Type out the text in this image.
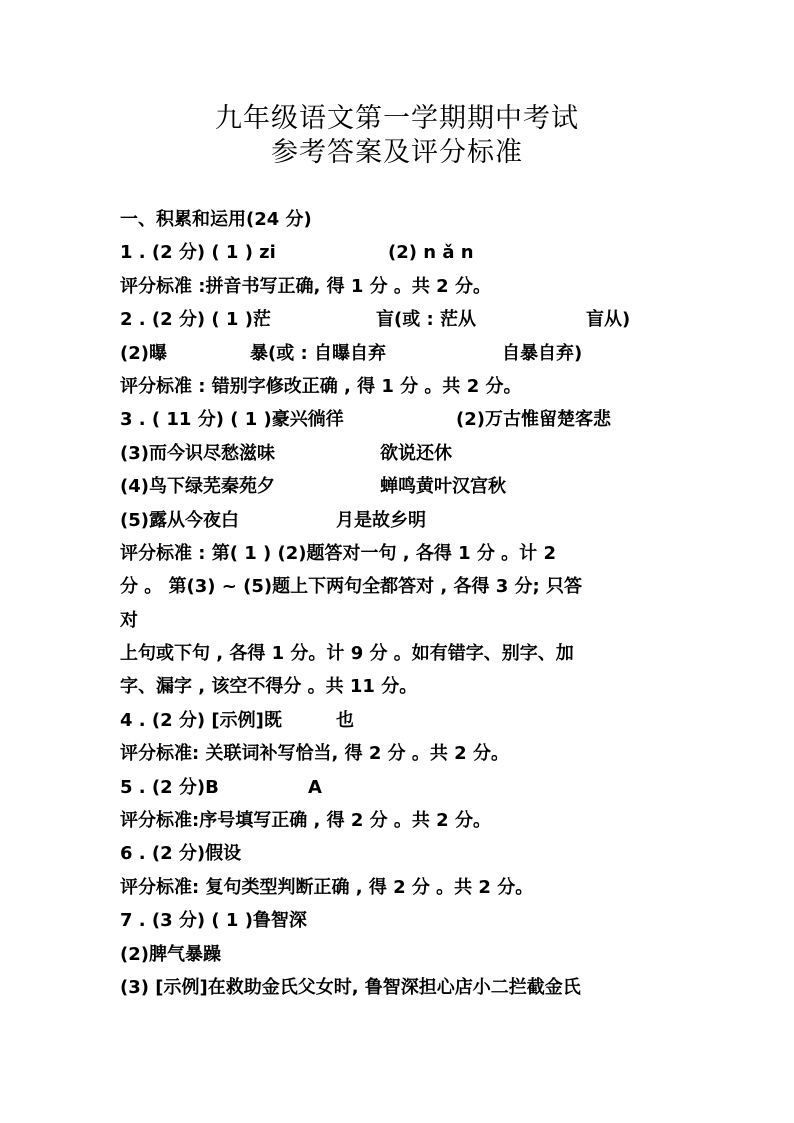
九年级语文第一学期期中考试
参考答案及评分标准
一、积累和运用(24 分)
1 . (2 分) ( 1 ) zi	(2) n ǎ n
评分标准 :拼音书写正确, 得 1 分 。共 2 分。
2 . (2 分) ( 1 )茫	盲(或 : 茫从	盲从)
(2)曝	暴(或 : 自曝自弃	自暴自弃)
评分标准 : 错别字修改正确 , 得 1 分 。共 2 分。
3 . ( 11 分) ( 1 )豪兴徜徉	(2)万古惟留楚客悲
(3)而今识尽愁滋味	欲说还休
(4)鸟下绿芜秦苑夕	蝉鸣黄叶汉宫秋
(5)露从今夜白	月是故乡明
评分标准 : 第( 1 ) (2)题答对一句 , 各得 1 分 。计 2
分 。 第(3) ~ (5)题上下两句全都答对 , 各得 3 分; 只答
对
上句或下句 , 各得 1 分。计 9 分 。如有错字、别字、加
字、漏字 , 该空不得分 。共 11 分。
4 . (2 分) [示例]既	也
评分标准: 关联词补写恰当, 得 2 分 。共 2 分。
5 . (2 分)B	A
评分标准:序号填写正确 , 得 2 分 。共 2 分。
6 . (2 分)假设
评分标准: 复句类型判断正确 , 得 2 分 。共 2 分。
7 . (3 分) ( 1 )鲁智深
(2)脾气暴躁
(3) [示例]在救助金氏父女时, 鲁智深担心店小二拦截金氏
